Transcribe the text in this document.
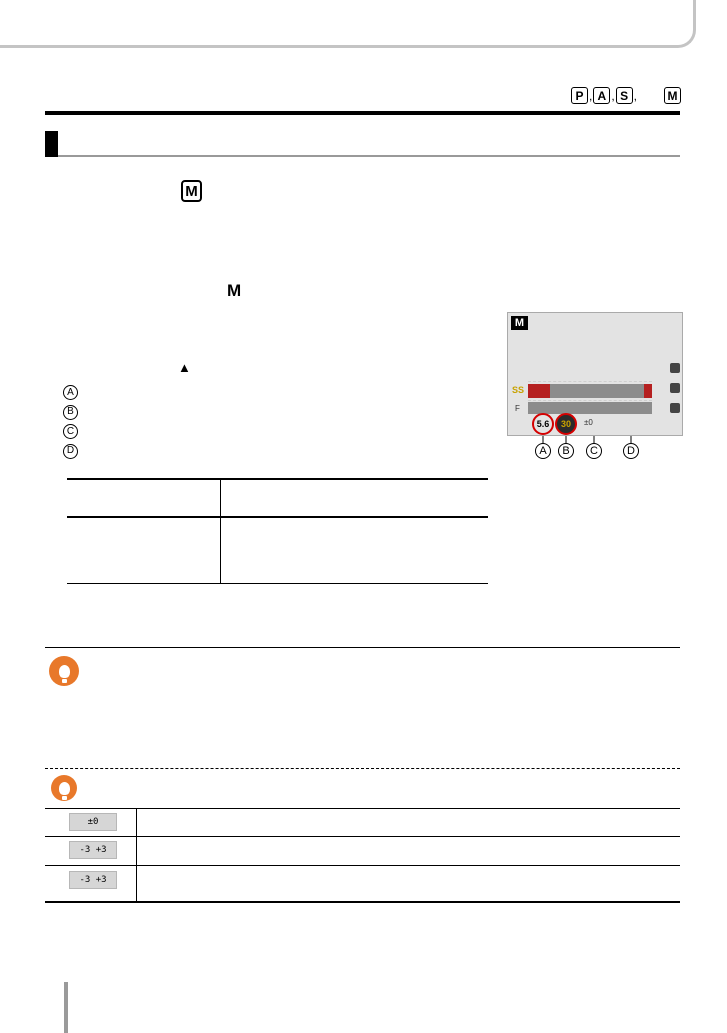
P , A , S ,	M
M
M
▲
A
B
C
D
M
SS
F
5.6	30	±0
A	B	C	D
±0
-3 +3
-3 +3
